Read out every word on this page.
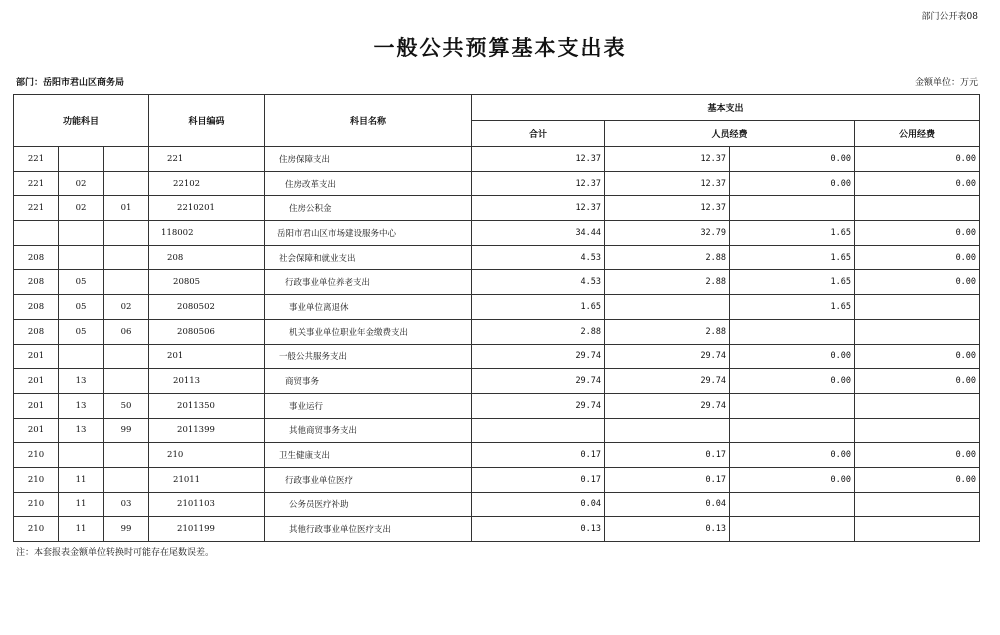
部门公开表08
一般公共预算基本支出表
部门：岳阳市君山区商务局	金额单位：万元
功能科目			科目编码	科目名称	基本支出			
					合计	人员经费		公用经费
221			221	住房保障支出	12.37	12.37	0.00	0.00
221	02		22102	住房改革支出	12.37	12.37	0.00	0.00
221	02	01	2210201	住房公积金	12.37	12.37		
			118002	岳阳市君山区市场建设服务中心	34.44	32.79	1.65	0.00
208			208	社会保障和就业支出	4.53	2.88	1.65	0.00
208	05		20805	行政事业单位养老支出	4.53	2.88	1.65	0.00
208	05	02	2080502	事业单位离退休	1.65		1.65	
208	05	06	2080506	机关事业单位职业年金缴费支出	2.88	2.88		
201			201	一般公共服务支出	29.74	29.74	0.00	0.00
201	13		20113	商贸事务	29.74	29.74	0.00	0.00
201	13	50	2011350	事业运行	29.74	29.74		
201	13	99	2011399	其他商贸事务支出				
210			210	卫生健康支出	0.17	0.17	0.00	0.00
210	11		21011	行政事业单位医疗	0.17	0.17	0.00	0.00
210	11	03	2101103	公务员医疗补助	0.04	0.04		
210	11	99	2101199	其他行政事业单位医疗支出	0.13	0.13		
注：本套报表金额单位转换时可能存在尾数误差。
